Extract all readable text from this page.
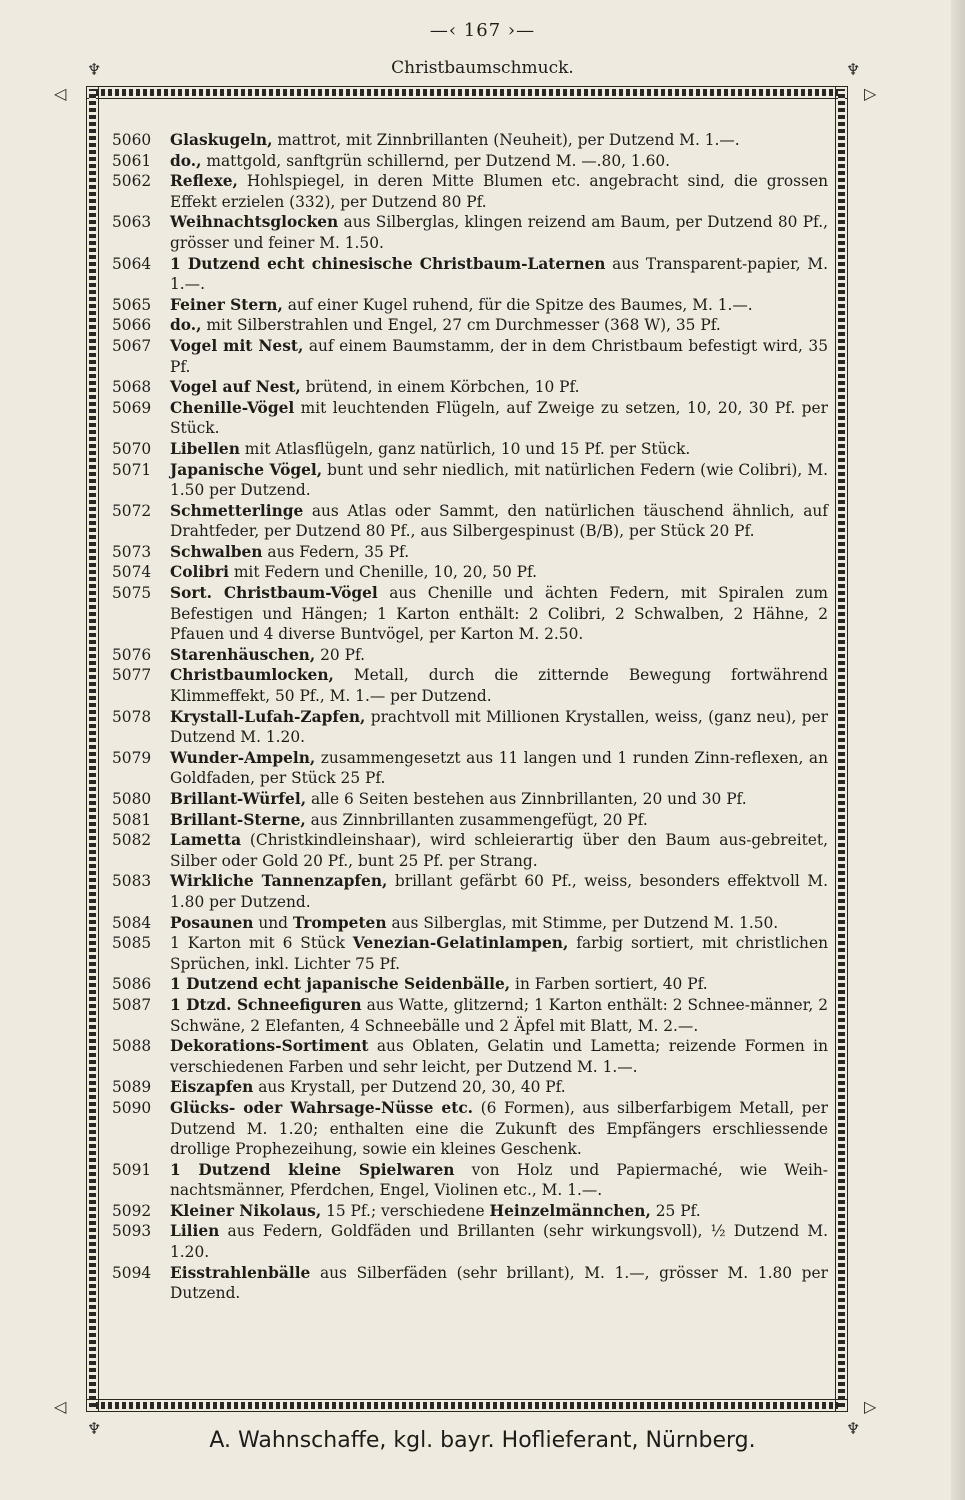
—‹ 167 ›—
Christbaumschmuck.
◁	▷
◁	▷
♆	♆
♆	♆
5060 Glaskugeln, mattrot, mit Zinnbrillanten (Neuheit), per Dutzend M. 1.—.
5061 do., mattgold, sanftgrün schillernd, per Dutzend M. —.80, 1.60.
5062 Reflexe, Hohlspiegel, in deren Mitte Blumen etc. angebracht sind, die grossen Effekt erzielen (332), per Dutzend 80 Pf.
5063 Weihnachtsglocken aus Silberglas, klingen reizend am Baum, per Dutzend 80 Pf., grösser und feiner M. 1.50.
5064 1 Dutzend echt chinesische Christbaum-Laternen aus Transparent-papier, M. 1.—.
5065 Feiner Stern, auf einer Kugel ruhend, für die Spitze des Baumes, M. 1.—.
5066 do., mit Silberstrahlen und Engel, 27 cm Durchmesser (368 W), 35 Pf.
5067 Vogel mit Nest, auf einem Baumstamm, der in dem Christbaum befestigt wird, 35 Pf.
5068 Vogel auf Nest, brütend, in einem Körbchen, 10 Pf.
5069 Chenille-Vögel mit leuchtenden Flügeln, auf Zweige zu setzen, 10, 20, 30 Pf. per Stück.
5070 Libellen mit Atlasflügeln, ganz natürlich, 10 und 15 Pf. per Stück.
5071 Japanische Vögel, bunt und sehr niedlich, mit natürlichen Federn (wie Colibri), M. 1.50 per Dutzend.
5072 Schmetterlinge aus Atlas oder Sammt, den natürlichen täuschend ähnlich, auf Drahtfeder, per Dutzend 80 Pf., aus Silbergespinust (B/B), per Stück 20 Pf.
5073 Schwalben aus Federn, 35 Pf.
5074 Colibri mit Federn und Chenille, 10, 20, 50 Pf.
5075 Sort. Christbaum-Vögel aus Chenille und ächten Federn, mit Spiralen zum Befestigen und Hängen; 1 Karton enthält: 2 Colibri, 2 Schwalben, 2 Hähne, 2 Pfauen und 4 diverse Buntvögel, per Karton M. 2.50.
5076 Starenhäuschen, 20 Pf.
5077 Christbaumlocken, Metall, durch die zitternde Bewegung fortwährend Klimmeffekt, 50 Pf., M. 1.— per Dutzend.
5078 Krystall-Lufah-Zapfen, prachtvoll mit Millionen Krystallen, weiss, (ganz neu), per Dutzend M. 1.20.
5079 Wunder-Ampeln, zusammengesetzt aus 11 langen und 1 runden Zinn-reflexen, an Goldfaden, per Stück 25 Pf.
5080 Brillant-Würfel, alle 6 Seiten bestehen aus Zinnbrillanten, 20 und 30 Pf.
5081 Brillant-Sterne, aus Zinnbrillanten zusammengefügt, 20 Pf.
5082 Lametta (Christkindleinshaar), wird schleierartig über den Baum aus-gebreitet, Silber oder Gold 20 Pf., bunt 25 Pf. per Strang.
5083 Wirkliche Tannenzapfen, brillant gefärbt 60 Pf., weiss, besonders effektvoll M. 1.80 per Dutzend.
5084 Posaunen und Trompeten aus Silberglas, mit Stimme, per Dutzend M. 1.50.
5085 1 Karton mit 6 Stück Venezian-Gelatinlampen, farbig sortiert, mit christlichen Sprüchen, inkl. Lichter 75 Pf.
5086 1 Dutzend echt japanische Seidenbälle, in Farben sortiert, 40 Pf.
5087 1 Dtzd. Schneefiguren aus Watte, glitzernd; 1 Karton enthält: 2 Schnee-männer, 2 Schwäne, 2 Elefanten, 4 Schneebälle und 2 Äpfel mit Blatt, M. 2.—.
5088 Dekorations-Sortiment aus Oblaten, Gelatin und Lametta; reizende Formen in verschiedenen Farben und sehr leicht, per Dutzend M. 1.—.
5089 Eiszapfen aus Krystall, per Dutzend 20, 30, 40 Pf.
5090 Glücks- oder Wahrsage-Nüsse etc. (6 Formen), aus silberfarbigem Metall, per Dutzend M. 1.20; enthalten eine die Zukunft des Empfängers erschliessende drollige Prophezeihung, sowie ein kleines Geschenk.
5091 1 Dutzend kleine Spielwaren von Holz und Papiermaché, wie Weih-nachtsmänner, Pferdchen, Engel, Violinen etc., M. 1.—.
5092 Kleiner Nikolaus, 15 Pf.; verschiedene Heinzelmännchen, 25 Pf.
5093 Lilien aus Federn, Goldfäden und Brillanten (sehr wirkungsvoll), ½ Dutzend M. 1.20.
5094 Eisstrahlenbälle aus Silberfäden (sehr brillant), M. 1.—, grösser M. 1.80 per Dutzend.
A. Wahnschaffe, kgl. bayr. Hoflieferant, Nürnberg.
